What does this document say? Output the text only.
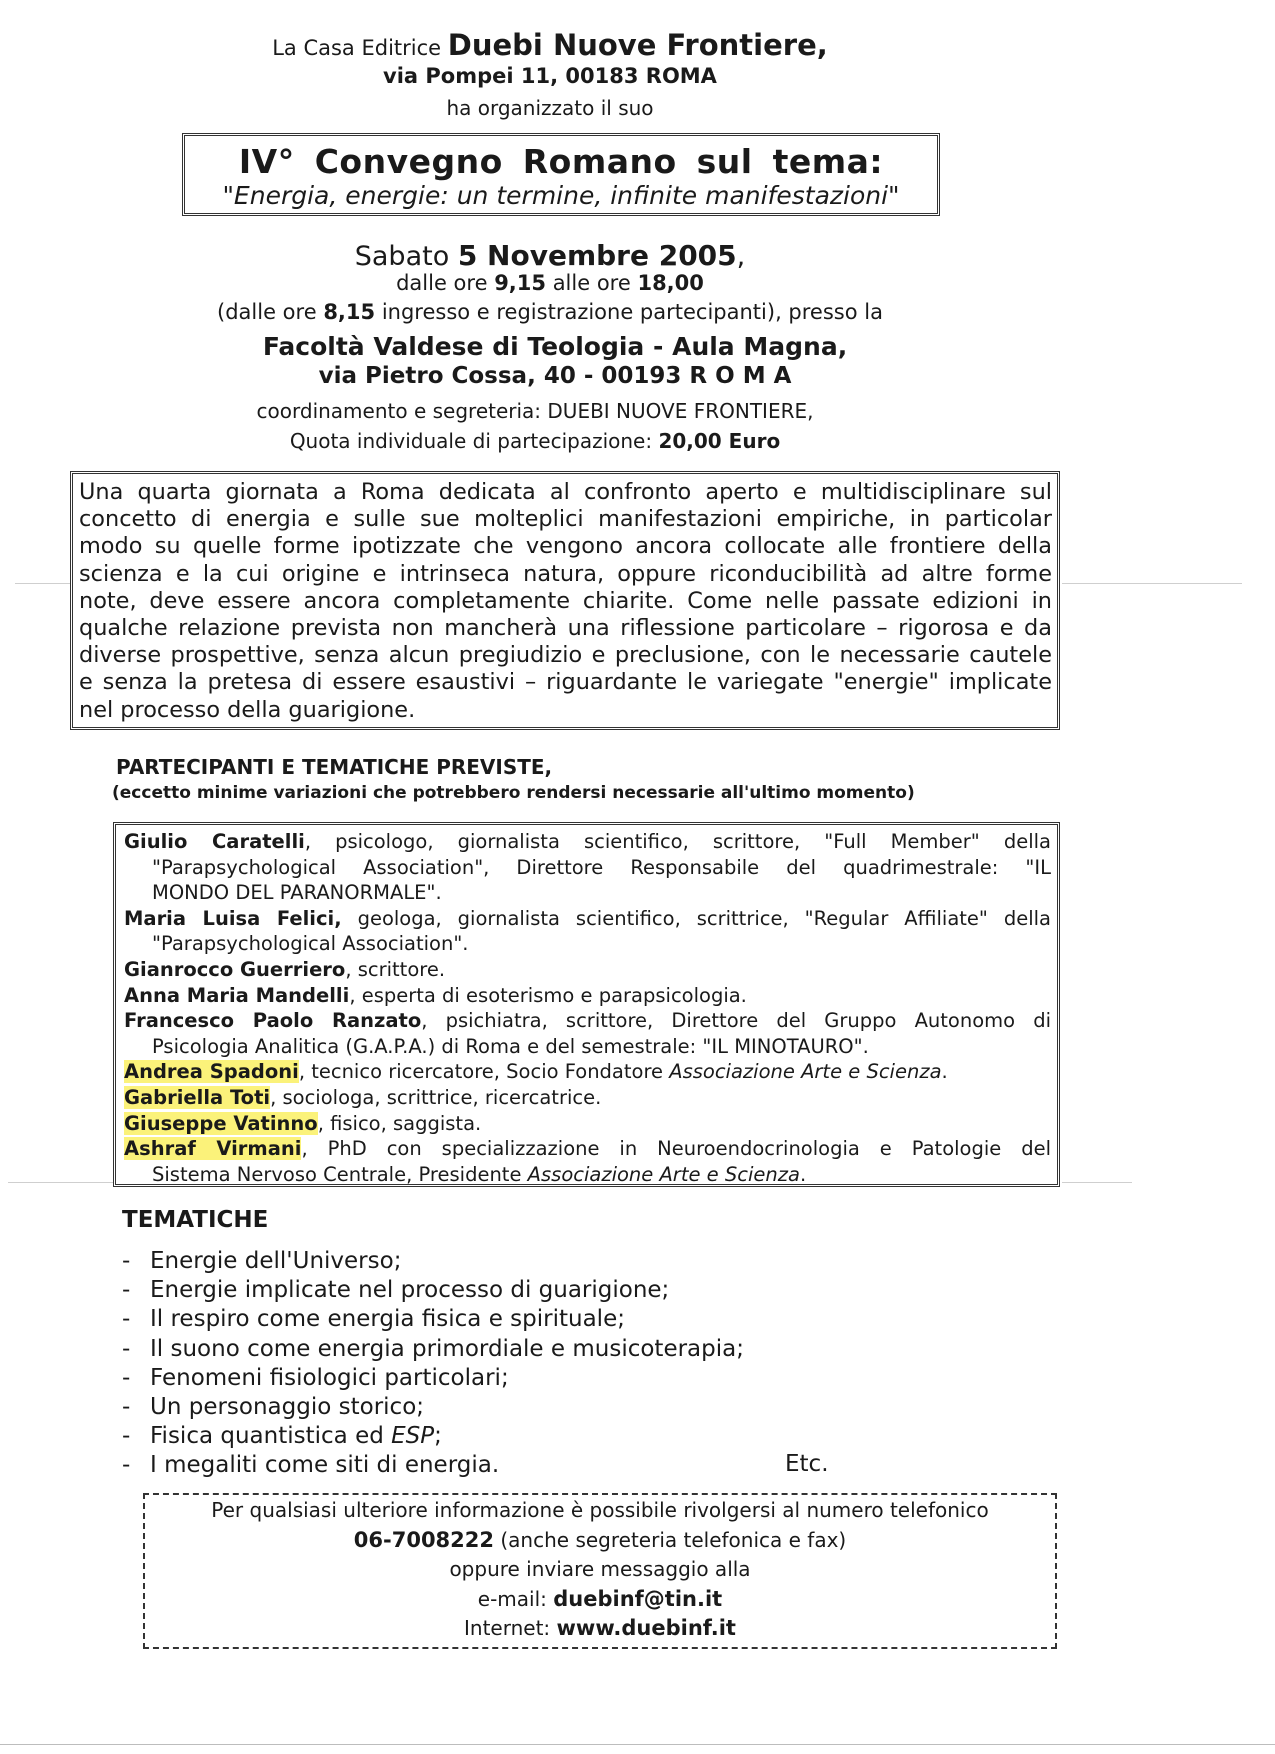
La Casa Editrice Duebi Nuove Frontiere,
via Pompei 11, 00183 ROMA
ha organizzato il suo
IV° Convegno Romano sul tema:
"Energia, energie: un termine, infinite manifestazioni"
Sabato 5 Novembre 2005,
dalle ore 9,15 alle ore 18,00
(dalle ore 8,15 ingresso e registrazione partecipanti), presso la
Facoltà Valdese di Teologia - Aula Magna,
via Pietro Cossa, 40 - 00193 R O M A
coordinamento e segreteria: DUEBI NUOVE FRONTIERE,
Quota individuale di partecipazione: 20,00 Euro
Una quarta giornata a Roma dedicata al confronto aperto e multidisciplinare sul
concetto di energia e sulle sue molteplici manifestazioni empiriche, in particolar
modo su quelle forme ipotizzate che vengono ancora collocate alle frontiere della
scienza e la cui origine e intrinseca natura, oppure riconducibilità ad altre forme
note, deve essere ancora completamente chiarite. Come nelle passate edizioni in
qualche relazione prevista non mancherà una riflessione particolare – rigorosa e da
diverse prospettive, senza alcun pregiudizio e preclusione, con le necessarie cautele
e senza la pretesa di essere esaustivi – riguardante le variegate "energie" implicate
nel processo della guarigione.
PARTECIPANTI E TEMATICHE PREVISTE,
(eccetto minime variazioni che potrebbero rendersi necessarie all'ultimo momento)
Giulio Caratelli, psicologo, giornalista scientifico, scrittore, "Full Member" della
"Parapsychological Association", Direttore Responsabile del quadrimestrale: "IL
MONDO DEL PARANORMALE".
Maria Luisa Felici, geologa, giornalista scientifico, scrittrice, "Regular Affiliate" della
"Parapsychological Association".
Gianrocco Guerriero, scrittore.
Anna Maria Mandelli, esperta di esoterismo e parapsicologia.
Francesco Paolo Ranzato, psichiatra, scrittore, Direttore del Gruppo Autonomo di
Psicologia Analitica (G.A.P.A.) di Roma e del semestrale: "IL MINOTAURO".
Andrea Spadoni, tecnico ricercatore, Socio Fondatore Associazione Arte e Scienza.
Gabriella Toti, sociologa, scrittrice, ricercatrice.
Giuseppe Vatinno, fisico, saggista.
Ashraf Virmani, PhD con specializzazione in Neuroendocrinologia e Patologie del
Sistema Nervoso Centrale, Presidente Associazione Arte e Scienza.
TEMATICHE
- Energie dell'Universo;
- Energie implicate nel processo di guarigione;
- Il respiro come energia fisica e spirituale;
- Il suono come energia primordiale e musicoterapia;
- Fenomeni fisiologici particolari;
- Un personaggio storico;
- Fisica quantistica ed ESP;
- I megaliti come siti di energia.	Etc.
Per qualsiasi ulteriore informazione è possibile rivolgersi al numero telefonico
06-7008222 (anche segreteria telefonica e fax)
oppure inviare messaggio alla
e-mail: duebinf@tin.it
Internet: www.duebinf.it
